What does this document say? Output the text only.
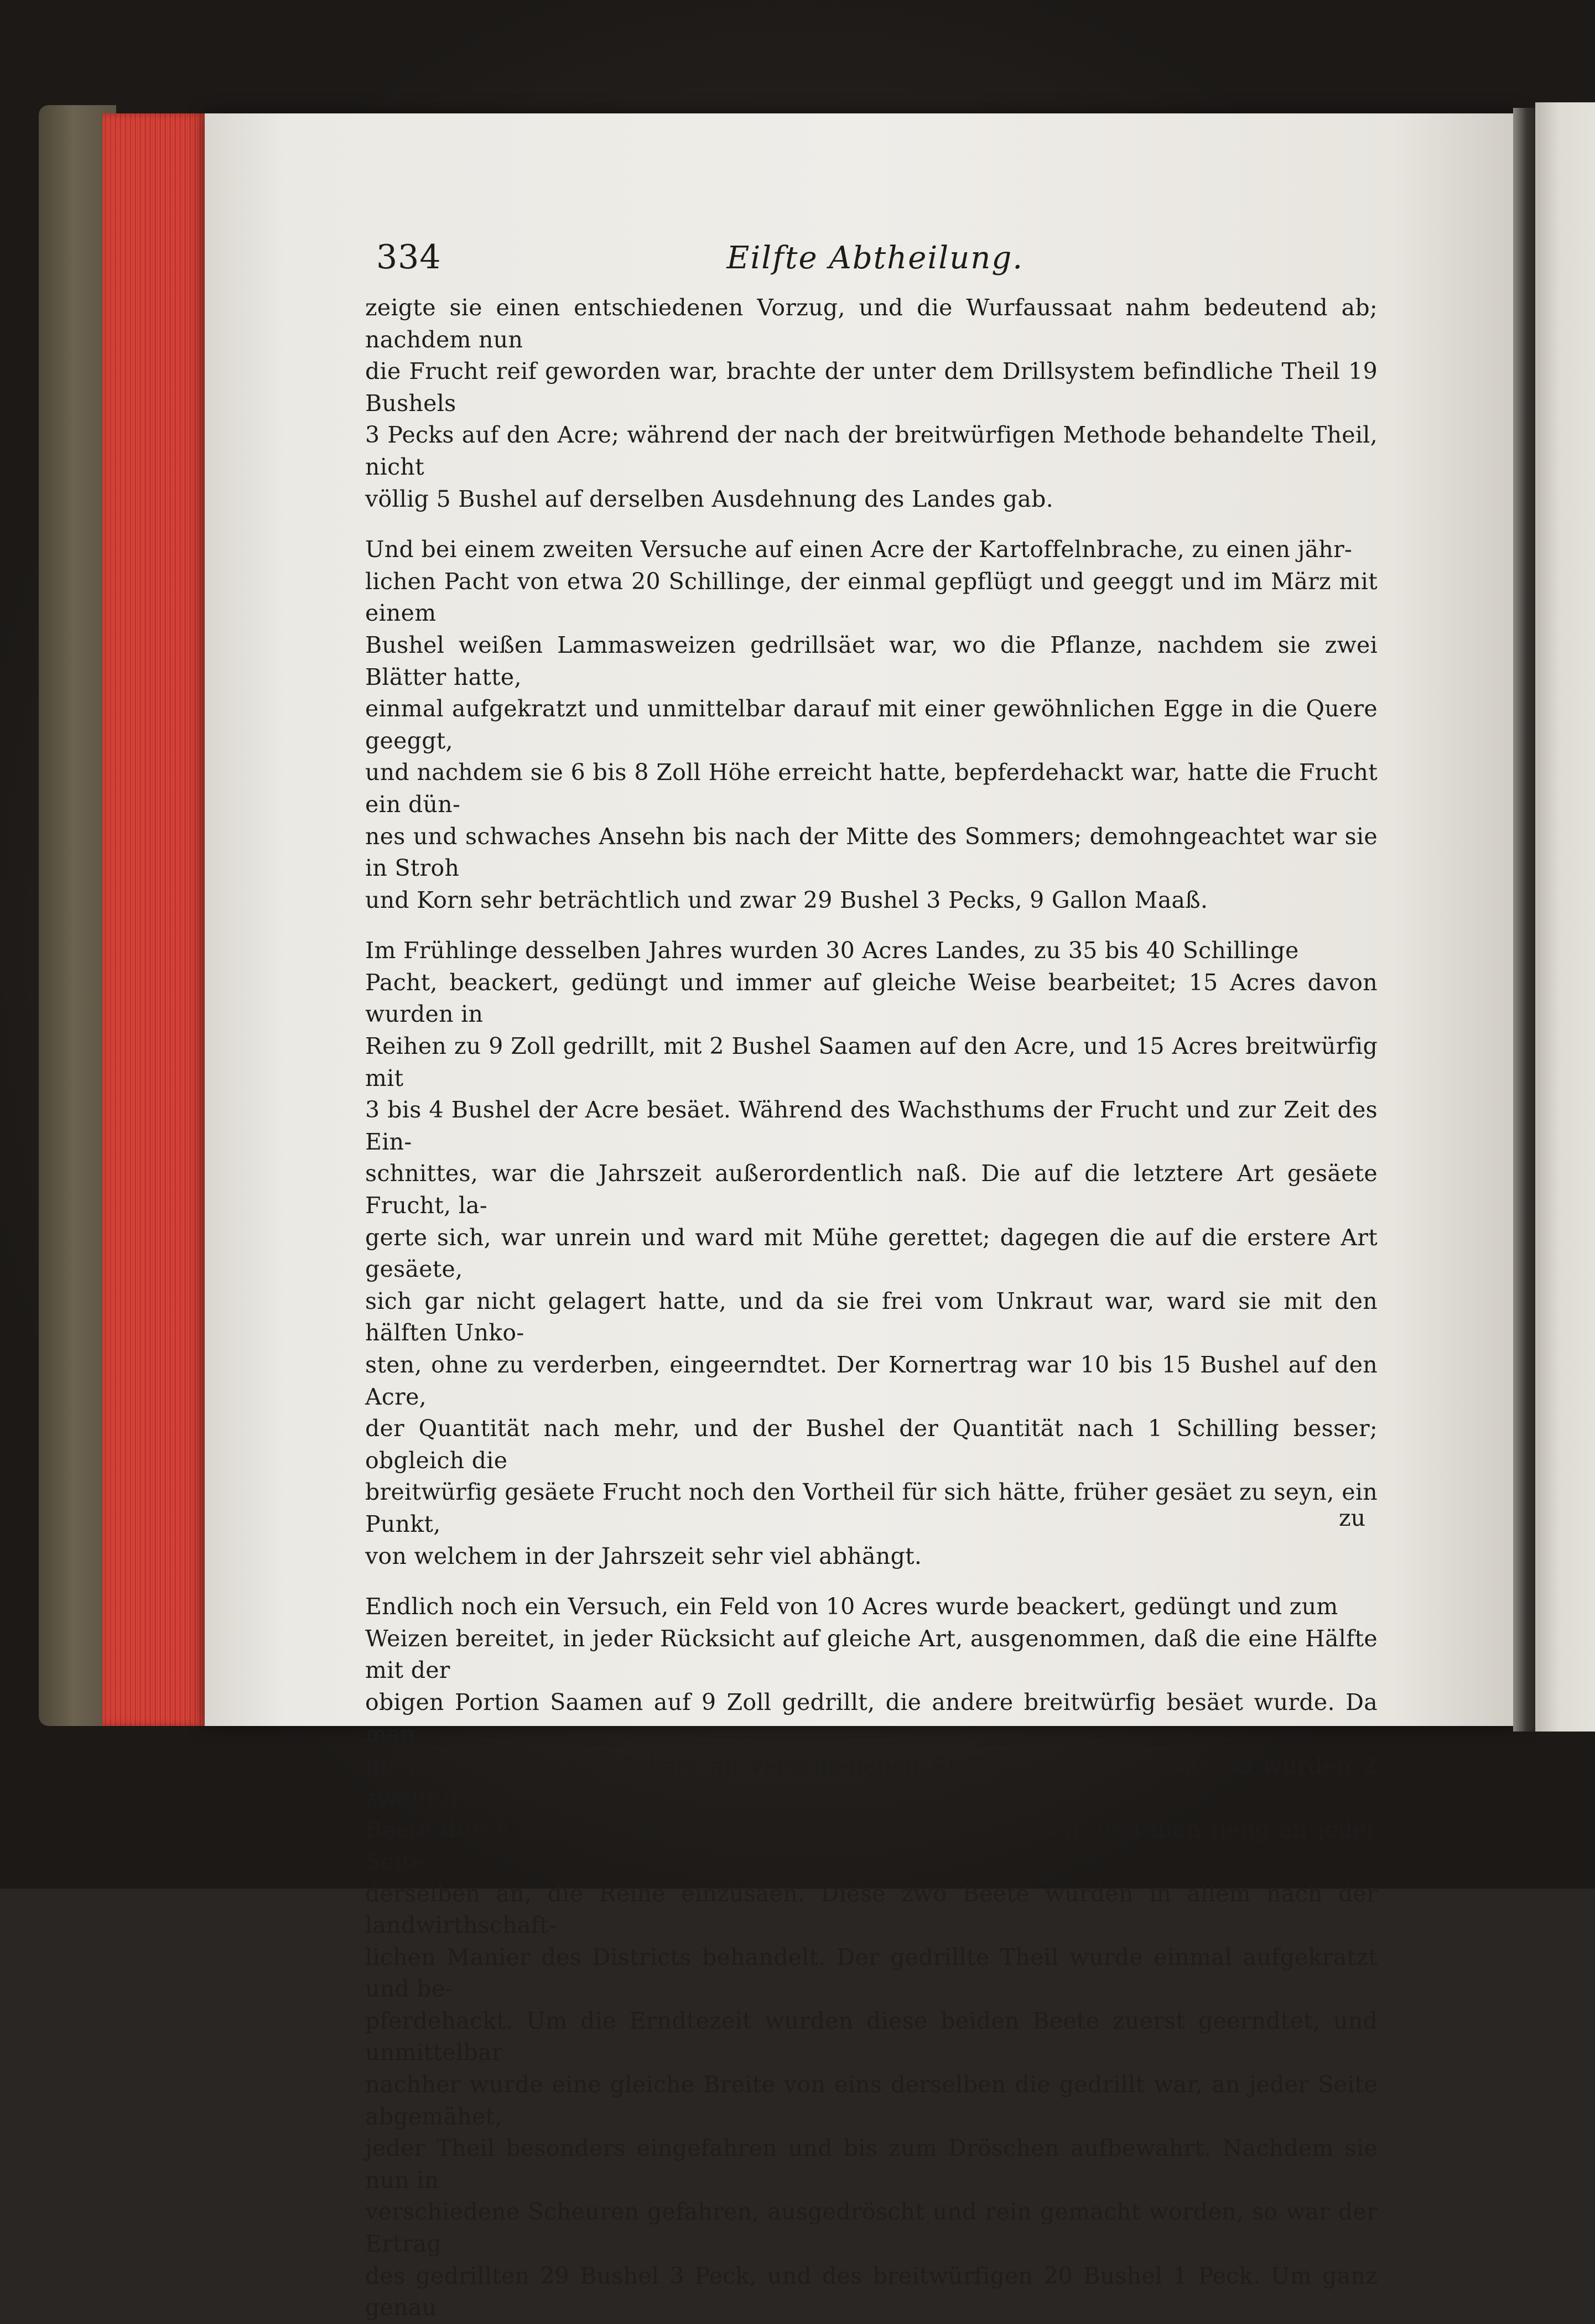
334	Eilfte Abtheilung.

zeigte sie einen entschiedenen Vorzug, und die Wurfaussaat nahm bedeutend ab; nachdem nun
die Frucht reif geworden war, brachte der unter dem Drillsystem befindliche Theil 19 Bushels
3 Pecks auf den Acre; während der nach der breitwürfigen Methode behandelte Theil, nicht
völlig 5 Bushel auf derselben Ausdehnung des Landes gab.

Und bei einem zweiten Versuche auf einen Acre der Kartoffelnbrache, zu einen jähr-
lichen Pacht von etwa 20 Schillinge, der einmal gepflügt und geeggt und im März mit einem
Bushel weißen Lammasweizen gedrillsäet war, wo die Pflanze, nachdem sie zwei Blätter hatte,
einmal aufgekratzt und unmittelbar darauf mit einer gewöhnlichen Egge in die Quere geeggt,
und nachdem sie 6 bis 8 Zoll Höhe erreicht hatte, bepferdehackt war, hatte die Frucht ein dün-
nes und schwaches Ansehn bis nach der Mitte des Sommers; demohngeachtet war sie in Stroh
und Korn sehr beträchtlich und zwar 29 Bushel 3 Pecks, 9 Gallon Maaß.

Im Frühlinge desselben Jahres wurden 30 Acres Landes, zu 35 bis 40 Schillinge
Pacht, beackert, gedüngt und immer auf gleiche Weise bearbeitet; 15 Acres davon wurden in
Reihen zu 9 Zoll gedrillt, mit 2 Bushel Saamen auf den Acre, und 15 Acres breitwürfig mit
3 bis 4 Bushel der Acre besäet. Während des Wachsthums der Frucht und zur Zeit des Ein-
schnittes, war die Jahrszeit außerordentlich naß. Die auf die letztere Art gesäete Frucht, la-
gerte sich, war unrein und ward mit Mühe gerettet; dagegen die auf die erstere Art gesäete,
sich gar nicht gelagert hatte, und da sie frei vom Unkraut war, ward sie mit den hälften Unko-
sten, ohne zu verderben, eingeerndtet. Der Kornertrag war 10 bis 15 Bushel auf den Acre,
der Quantität nach mehr, und der Bushel der Quantität nach 1 Schilling besser; obgleich die
breitwürfig gesäete Frucht noch den Vortheil für sich hätte, früher gesäet zu seyn, ein Punkt,
von welchem in der Jahrszeit sehr viel abhängt.

Endlich noch ein Versuch, ein Feld von 10 Acres wurde beackert, gedüngt und zum
Weizen bereitet, in jeder Rücksicht auf gleiche Art, ausgenommen, daß die eine Hälfte mit der
obigen Portion Saamen auf 9 Zoll gedrillt, die andere breitwürfig besäet wurde. Da man
über den Werth des Ackers an verschiedenen Stellen zweifelhaft war, so wurden 2 zwölffurchige
Beete durch die Mitte des zu drillenden Theils aufgeworfen, und man fieng an jeder Seite
derselben an, die Reihe einzusäen. Diese zwo Beete wurden in allem nach der landwirthschaft-
lichen Manier des Districts behandelt. Der gedrillte Theil wurde einmal aufgekratzt und be-
pferdehackt. Um die Erndtezeit wurden diese beiden Beete zuerst geerndtet, und unmittelbar
nachher wurde eine gleiche Breite von eins derselben die gedrillt war, an jeder Seite abgemähet,
jeder Theil besonders eingefahren und bis zum Dröschen aufbewahrt. Nachdem sie nun in
verschiedene Scheuren gefahren, ausgedröscht und rein gemacht worden, so war der Ertrag
des gedrillten 29 Bushel 3 Peck, und des breitwürfigen 20 Bushel 1 Peck. Um ganz genau

zu
